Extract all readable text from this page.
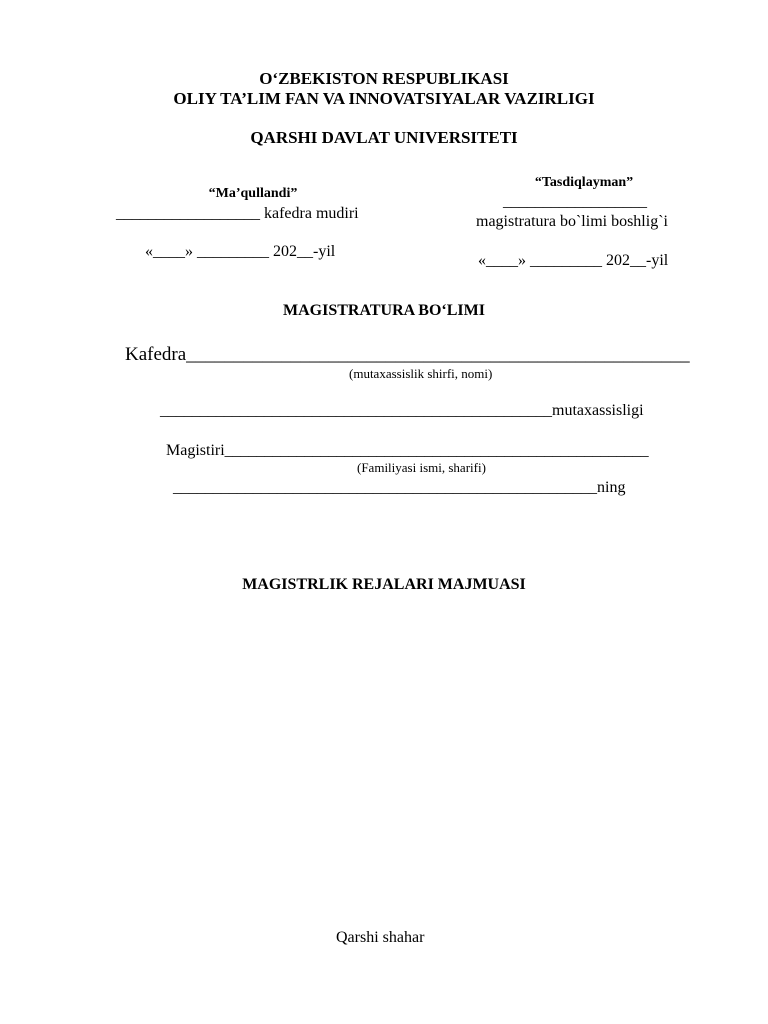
O‘ZBEKISTON RESPUBLIKASI
OLIY TA’LIM FAN VA INNOVATSIYALAR VAZIRLIGI
QARSHI DAVLAT UNIVERSITETI
“Ma’qullandi”
__________________ kafedra mudiri
«____» _________ 202__-yil
“Tasdiqlayman”
__________________
magistratura bo`limi boshlig`i
«____» _________ 202__-yil
MAGISTRATURA BO‘LIMI
Kafedra_____________________________________________________
(mutaxassislik shirfi, nomi)
_________________________________________________mutaxassisligi
Magistiri_____________________________________________________
(Familiyasi ismi, sharifi)
_____________________________________________________ning
MAGISTRLIK REJALARI MAJMUASI
Qarshi shahar
